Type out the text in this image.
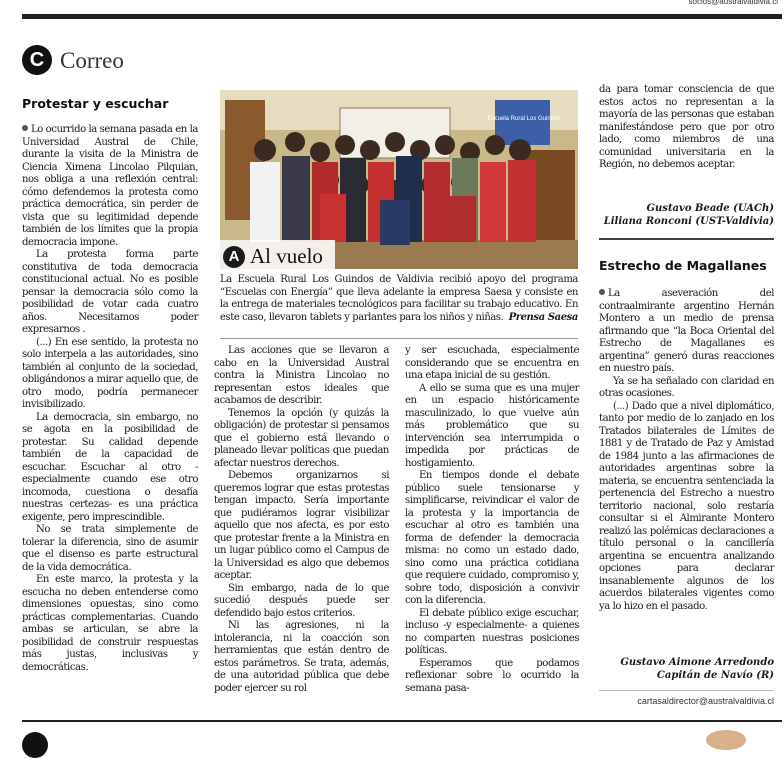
socios@australvaldivia.cl
C Correo
Protestar y escuchar

Lo ocurrido la semana pasada en la Universidad Austral de Chile, durante la visita de la Ministra de Ciencia Ximena Lincolao Pilquian, nos obliga a una reflexión central: cómo defendemos la protesta como práctica democrática, sin perder de vista que su legitimidad depende también de los límites que la propia democracia impone.

La protesta forma parte constitutiva de toda democracia constitucional actual. No es posible pensar la democracia sólo como la posibilidad de votar cada cuatro años. Necesitamos poder expresarnos .

(...) En ese sentido, la protesta no solo interpela a las autoridades, sino también al conjunto de la sociedad, obligándonos a mirar aquello que, de otro modo, podría permanecer invisibilizado.

La democracia, sin embargo, no se agota en la posibilidad de protestar. Su calidad depende también de la capacidad de escuchar. Escuchar al otro -especialmente cuando ese otro incomoda, cuestiona o desafía nuestras certezas- es una práctica exigente, pero imprescindible.

No se trata simplemente de tolerar la diferencia, sino de asumir que el disenso es parte estructural de la vida democrática.

En este marco, la protesta y la escucha no deben entenderse como dimensiones opuestas, sino como prácticas complementarias. Cuando ambas se articulan, se abre la posibilidad de construir respuestas más justas, inclusivas y democráticas.

Escuela Rural Los Guindos
A Al vuelo
La Escuela Rural Los Guindos de Valdivia recibió apoyo del programa “Escuelas con Energía” que lleva adelante la empresa Saesa y consiste en la entrega de materiales tecnológicos para facilitar su trabajo educativo. En este caso, llevaron tablets y parlantes para los niños y niñas. Prensa Saesa

Las acciones que se llevaron a cabo en la Universidad Austral contra la Ministra Lincolao no representan estos ideales que acabamos de describir.

Tenemos la opción (y quizás la obligación) de protestar si pensamos que el gobierno está llevando o planeado llevar políticas que puedan afectar nuestros derechos.

Debemos organizarnos si queremos lograr que estas protestas tengan impacto. Sería importante que pudiéramos lograr visibilizar aquello que nos afecta, es por esto que protestar frente a la Ministra en un lugar público como el Campus de la Universidad es algo que debemos aceptar.

Sin embargo, nada de lo que sucedió después puede ser defendido bajo estos criterios.

Ni las agresiones, ni la intolerancia, ni la coacción son herramientas que están dentro de estos parámetros. Se trata, además, de una autoridad pública que debe poder ejercer su rol

y ser escuchada, especialmente considerando que se encuentra en una etapa inicial de su gestión.

A ello se suma que es una mujer en un espacio históricamente masculinizado, lo que vuelve aún más problemático que su intervención sea interrumpida o impedida por prácticas de hostigamiento.

En tiempos donde el debate público suele tensionarse y simplificarse, reivindicar el valor de la protesta y la importancia de escuchar al otro es también una forma de defender la democracia misma: no como un estado dado, sino como una práctica cotidiana que requiere cuidado, compromiso y, sobre todo, disposición a convivir con la diferencia.

El debate público exige escuchar, incluso -y especialmente- a quienes no comparten nuestras posiciones políticas.

Esperamos que podamos reflexionar sobre lo ocurrido la semana pasa-

da para tomar consciencia de que estos actos no representan a la mayoría de las personas que estaban manifestándose pero que por otro lado, como miembros de una comunidad universitaria en la Región, no debemos aceptar.

Gustavo Beade (UACh)
Liliana Ronconi (UST-Valdivia)
Estrecho de Magallanes

La aseveración del contraalmirante argentino Hernán Montero a un medio de prensa afirmando que “la Boca Oriental del Estrecho de Magallanes es argentina” generó duras reacciones en nuestro país.

Ya se ha señalado con claridad en otras ocasiones.

(...) Dado que a nivel diplomático, tanto por medio de lo zanjado en los Tratados bilaterales de Límites de 1881 y de Tratado de Paz y Amistad de 1984 junto a las afirmaciones de autoridades argentinas sobre la materia, se encuentra sentenciada la pertenencia del Estrecho a nuestro territorio nacional, solo restaría consultar si el Almirante Montero realizó las polémicas declaraciones a título personal o la cancillería argentina se encuentra analizando opciones para declarar insanablemente algunos de los acuerdos bilaterales vigentes como ya lo hizo en el pasado.

Gustavo Aimone Arredondo
Capitán de Navío (R)
cartasaldirector@australvaldivia.cl
